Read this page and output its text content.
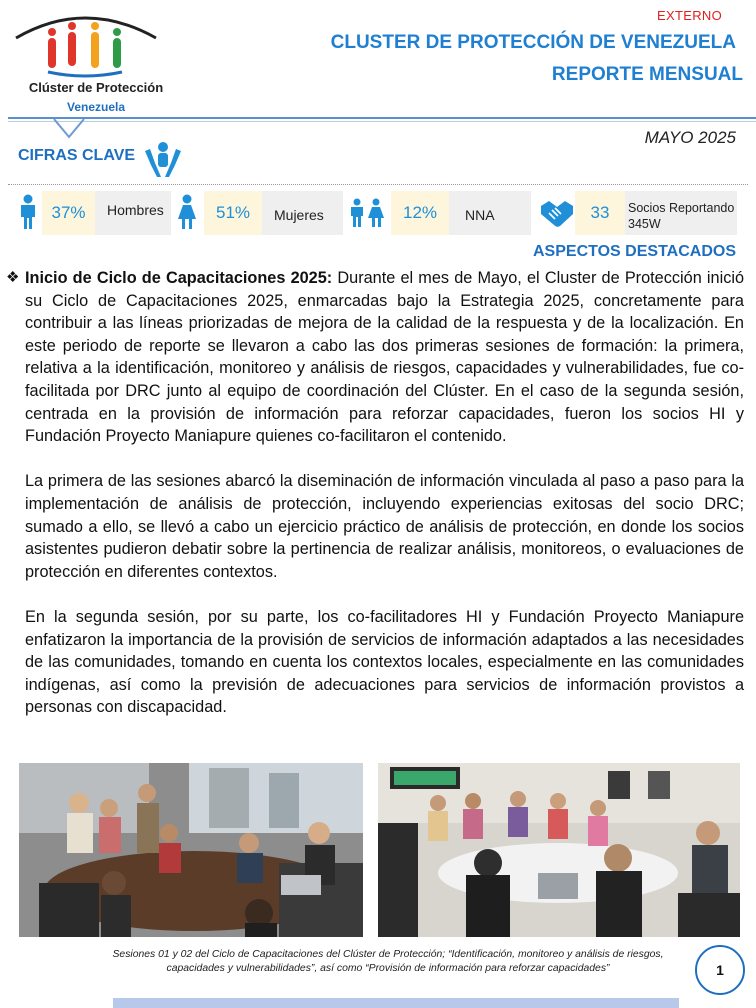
Clúster de Protección
Venezuela
EXTERNO
CLUSTER DE PROTECCIÓN DE VENEZUELA
REPORTE MENSUAL
MAYO 2025
CIFRAS CLAVE
37%	Hombres	51%	Mujeres	12%	NNA	33	Socios Reportando
345W
ASPECTOS DESTACADOS
❖ Inicio de Ciclo de Capacitaciones 2025: Durante el mes de Mayo, el Cluster de Protección inició su Ciclo de Capacitaciones 2025, enmarcadas bajo la Estrategia 2025, concretamente para contribuir a las líneas priorizadas de mejora de la calidad de la respuesta y de la localización. En este periodo de reporte se llevaron a cabo las dos primeras sesiones de formación: la primera, relativa a la identificación, monitoreo y análisis de riesgos, capacidades y vulnerabilidades, fue co-facilitada por DRC junto al equipo de coordinación del Clúster. En el caso de la segunda sesión, centrada en la provisión de información para reforzar capacidades, fueron los socios HI y Fundación Proyecto Maniapure quienes co-facilitaron el contenido.

La primera de las sesiones abarcó la diseminación de información vinculada al paso a paso para la implementación de análisis de protección, incluyendo experiencias exitosas del socio DRC; sumado a ello, se llevó a cabo un ejercicio práctico de análisis de protección, en donde los socios asistentes pudieron debatir sobre la pertinencia de realizar análisis, monitoreos, o evaluaciones de protección en diferentes contextos.

En la segunda sesión, por su parte, los co-facilitadores HI y Fundación Proyecto Maniapure enfatizaron la importancia de la provisión de servicios de información adaptados a las necesidades de las comunidades, tomando en cuenta los contextos locales, especialmente en las comunidades indígenas, así como la previsión de adecuaciones para servicios de información provistos a personas con discapacidad.

Sesiones 01 y 02 del Ciclo de Capacitaciones del Clúster de Protección; “Identificación, monitoreo y análisis de riesgos, capacidades y vulnerabilidades”, así como “Provisión de información para reforzar capacidades”	1
